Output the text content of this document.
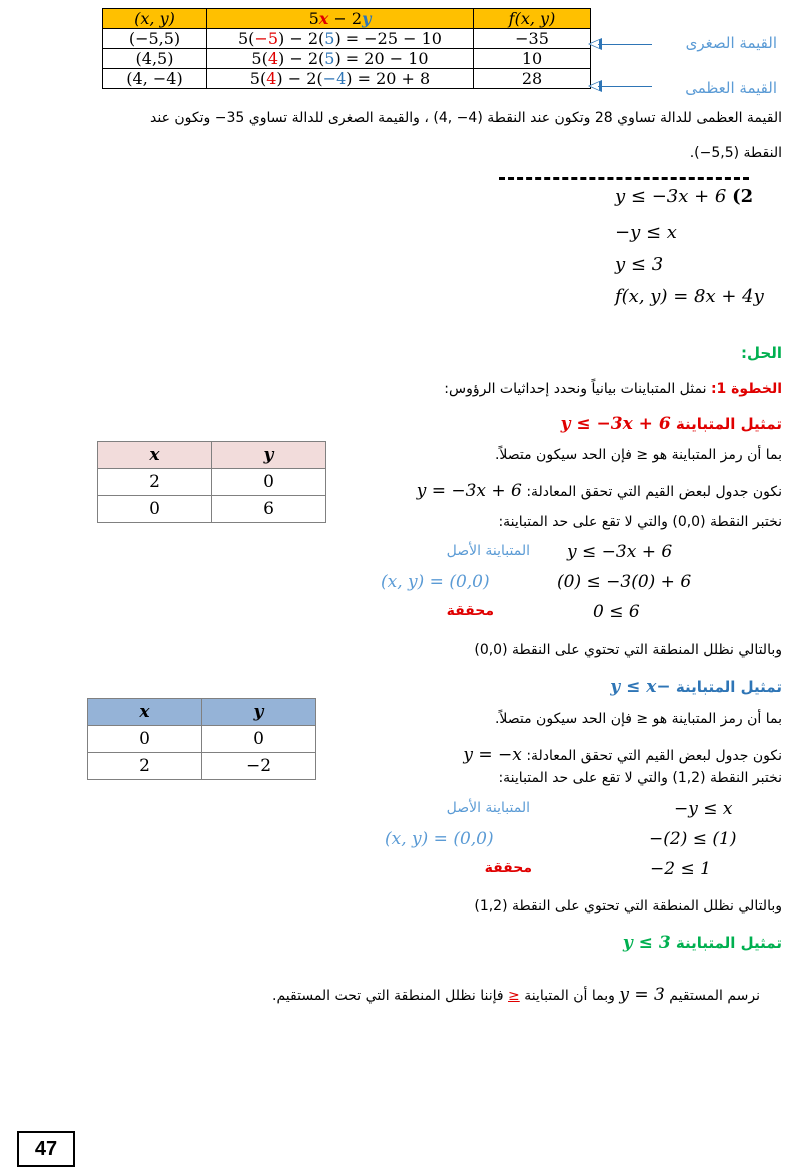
(x, y)	5x − 2y	f(x, y)
(−5,5)	5(−5) − 2(5) = −25 − 10	−35
(4,5)	5(4) − 2(5) = 20 − 10	10
(4, −4)	5(4) − 2(−4) = 20 + 8	28
القيمة الصغرى
القيمة العظمى
القيمة العظمى للدالة تساوي 28 وتكون عند النقطة (4− ,4) ، والقيمة الصغرى للدالة تساوي 35− وتكون عند
النقطة (5,5−).
y ≤ −3x + 6 (2
−y ≤ x
y ≤ 3
f(x, y) = 8x + 4y
الحل:
الخطوة 1: نمثل المتباينات بيانياً ونحدد إحداثيات الرؤوس:
تمثيل المتباينة y ≤ −3x + 6
x	y
2	0
0	6
بما أن رمز المتباينة هو ≤ فإن الحد سيكون متصلاً.
نكون جدول لبعض القيم التي تحقق المعادلة: y = −3x + 6
نختبر النقطة (0,0) والتي لا تقع على حد المتباينة:
المتباينة الأصل y ≤ −3x + 6
(x, y) = (0,0)	(0) ≤ −3(0) + 6
محققة	0 ≤ 6
وبالتالي نظلل المنطقة التي تحتوي على النقطة (0,0)
تمثيل المتباينة −y ≤ x
x	y
0	0
2	−2
بما أن رمز المتباينة هو ≤ فإن الحد سيكون متصلاً.
نكون جدول لبعض القيم التي تحقق المعادلة: y = −x
نختبر النقطة (1,2) والتي لا تقع على حد المتباينة:
المتباينة الأصل	−y ≤ x
(x, y) = (0,0)	−(2) ≤ (1)
محققة	−2 ≤ 1
وبالتالي نظلل المنطقة التي تحتوي على النقطة (1,2)
تمثيل المتباينة y ≤ 3
نرسم المستقيم y = 3 وبما أن المتباينة ≤ فإننا نظلل المنطقة التي تحت المستقيم.
47
